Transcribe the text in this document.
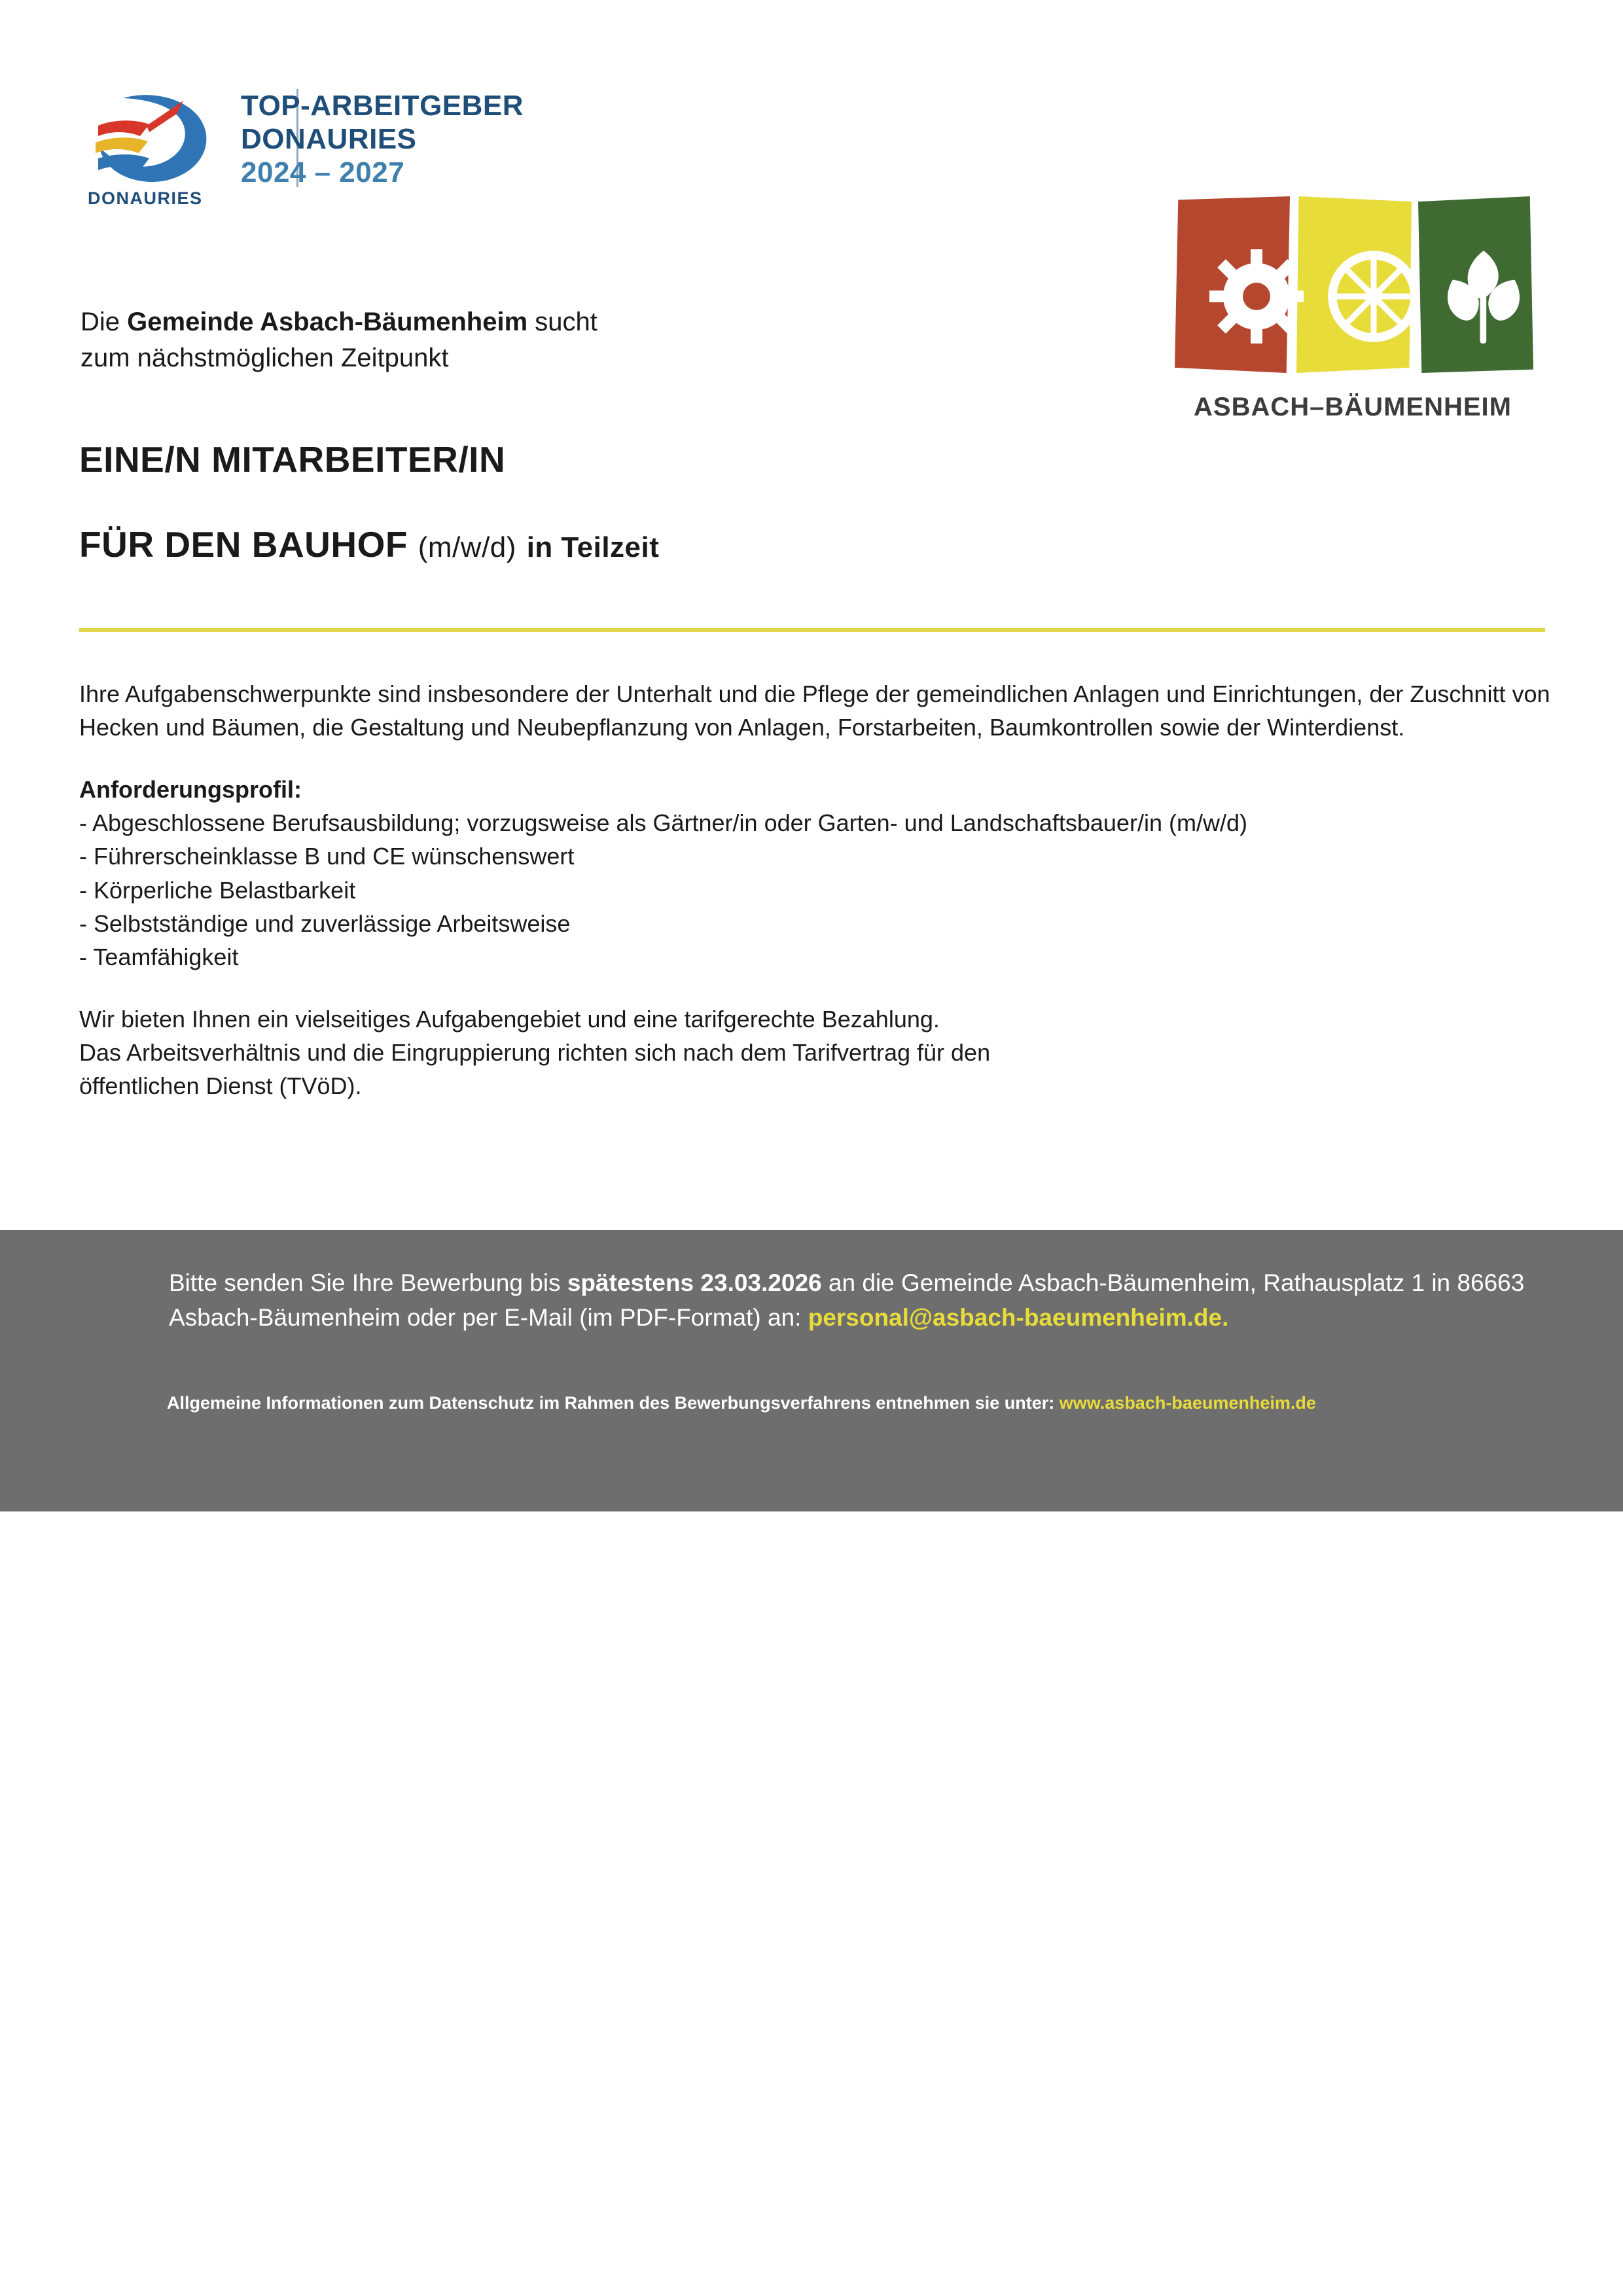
DONAURIES
TOP-ARBEITGEBER
DONAURIES
2024 – 2027
ASBACH–BÄUMENHEIM
Die Gemeinde Asbach-Bäumenheim sucht
zum nächstmöglichen Zeitpunkt
EINE/N MITARBEITER/IN
FÜR DEN BAUHOF (m/w/d) in Teilzeit

Ihre Aufgabenschwerpunkte sind insbesondere der Unterhalt und die Pflege der gemeindlichen Anlagen und Einrichtungen, der Zuschnitt von Hecken und Bäumen, die Gestaltung und Neubepflanzung von Anlagen, Forstarbeiten, Baumkontrollen sowie der Winterdienst.

Anforderungsprofil:

- Abgeschlossene Berufsausbildung; vorzugsweise als Gärtner/in oder Garten- und Landschaftsbauer/in (m/w/d)
- Führerscheinklasse B und CE wünschenswert
- Körperliche Belastbarkeit
- Selbstständige und zuverlässige Arbeitsweise
- Teamfähigkeit

Wir bieten Ihnen ein vielseitiges Aufgabengebiet und eine tarifgerechte Bezahlung.

Das Arbeitsverhältnis und die Eingruppierung richten sich nach dem Tarifvertrag für den

öffentlichen Dienst (TVöD).

Bitte senden Sie Ihre Bewerbung bis spätestens 23.03.2026 an die Gemeinde Asbach-Bäumenheim, Rathausplatz 1 in 86663 Asbach-Bäumenheim oder per E-Mail (im PDF-Format) an: personal@asbach-baeumenheim.de.
Allgemeine Informationen zum Datenschutz im Rahmen des Bewerbungsverfahrens entnehmen sie unter: www.asbach-baeumenheim.de
